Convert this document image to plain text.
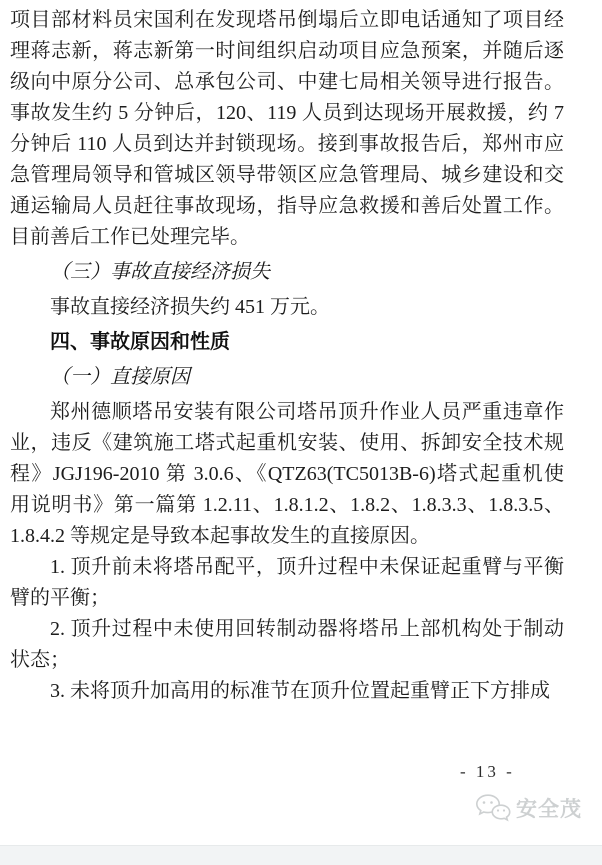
项目部材料员宋国利在发现塔吊倒塌后立即电话通知了项目经理蒋志新，蒋志新第一时间组织启动项目应急预案，并随后逐级向中原分公司、总承包公司、中建七局相关领导进行报告。事故发生约 5 分钟后，120、119 人员到达现场开展救援，约 7 分钟后 110 人员到达并封锁现场。接到事故报告后，郑州市应急管理局领导和管城区领导带领区应急管理局、城乡建设和交通运输局人员赶往事故现场，指导应急救援和善后处置工作。目前善后工作已处理完毕。

（三）事故直接经济损失

事故直接经济损失约 451 万元。

四、事故原因和性质

（一）直接原因

郑州德顺塔吊安装有限公司塔吊顶升作业人员严重违章作业，违反《建筑施工塔式起重机安装、使用、拆卸安全技术规程》JGJ196-2010 第 3.0.6、《QTZ63(TC5013B-6)塔式起重机使用说明书》第一篇第 1.2.11、1.8.1.2、1.8.2、1.8.3.3、1.8.3.5、1.8.4.2 等规定是导致本起事故发生的直接原因。

1. 顶升前未将塔吊配平，顶升过程中未保证起重臂与平衡臂的平衡；

2. 顶升过程中未使用回转制动器将塔吊上部机构处于制动状态；

3. 未将顶升加高用的标准节在顶升位置起重臂正下方排成

- 13 -
安全茂
